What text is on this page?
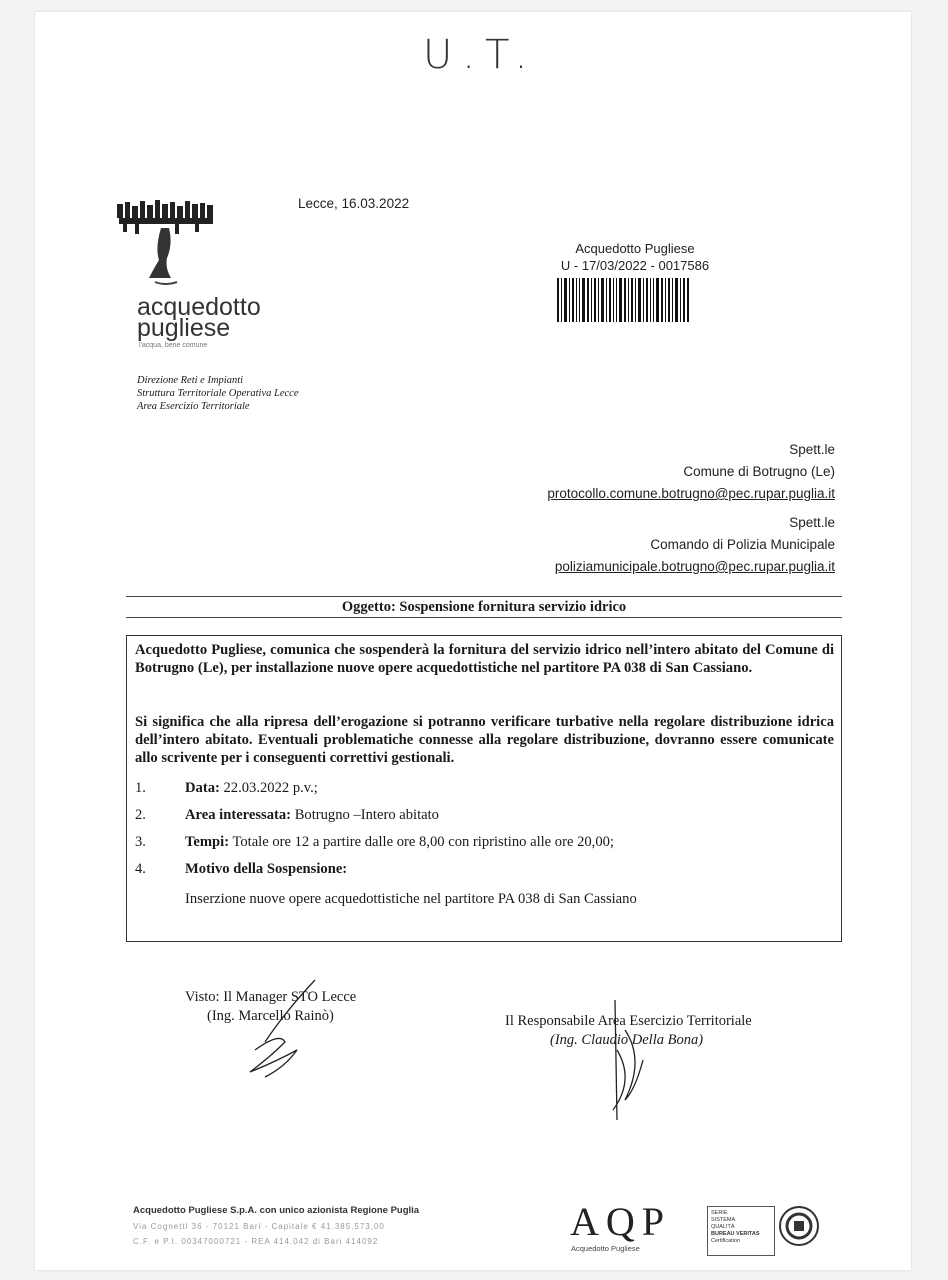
U.T.
acquedotto
pugliese
l'acqua, bene comune
Lecce, 16.03.2022
Acquedotto Pugliese
U - 17/03/2022 - 0017586
Direzione Reti e Impianti
Struttura Territoriale Operativa Lecce
Area Esercizio Territoriale
Spett.le
Comune di Botrugno (Le)
protocollo.comune.botrugno@pec.rupar.puglia.it
Spett.le
Comando di Polizia Municipale
poliziamunicipale.botrugno@pec.rupar.puglia.it
Oggetto: Sospensione fornitura servizio idrico
Acquedotto Pugliese, comunica che sospenderà la fornitura del servizio idrico nell’intero abitato del Comune di Botrugno (Le), per installazione nuove opere acquedottistiche nel partitore PA 038 di San Cassiano.
Si significa che alla ripresa dell’erogazione si potranno verificare turbative nella regolare distribuzione idrica dell’intero abitato. Eventuali problematiche connesse alla regolare distribuzione, dovranno essere comunicate allo scrivente per i conseguenti correttivi gestionali.
1.	Data: 22.03.2022 p.v.;
2.	Area interessata: Botrugno –Intero abitato
3.	Tempi: Totale ore 12 a partire dalle ore 8,00 con ripristino alle ore 20,00;
4.	Motivo della Sospensione:
Inserzione nuove opere acquedottistiche nel partitore PA 038 di San Cassiano
Visto: Il Manager STO Lecce
(Ing. Marcello Rainò)	Il Responsabile Area Esercizio Territoriale
(Ing. Claudio Della Bona)
Acquedotto Pugliese S.p.A. con unico azionista Regione Puglia
Via Cognetti 36 - 70121 Bari - Capitale € 41.385.573,00
C.F. e P.I. 00347000721 - REA 414.042 di Bari 414092	AQP
Acquedotto Pugliese
SERIE
SISTEMA
QUALITÀ
BUREAU VERITAS
Certification
